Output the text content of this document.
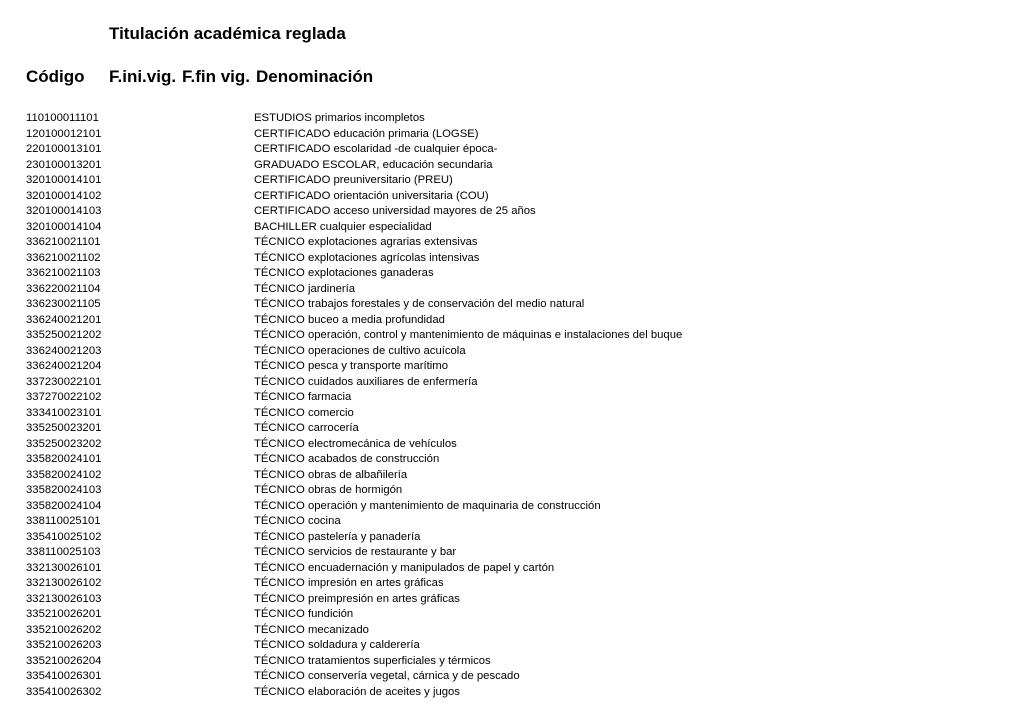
Titulación académica reglada
Código F.ini.vig. F.fin vig. Denominación
110100011101	ESTUDIOS primarios incompletos
120100012101	CERTIFICADO educación primaria (LOGSE)
220100013101	CERTIFICADO escolaridad -de cualquier época-
230100013201	GRADUADO ESCOLAR, educación secundaria
320100014101	CERTIFICADO preuniversitario (PREU)
320100014102	CERTIFICADO orientación universitaria (COU)
320100014103	CERTIFICADO acceso universidad mayores de 25 años
320100014104	BACHILLER cualquier especialidad
336210021101	TÉCNICO explotaciones agrarias extensivas
336210021102	TÉCNICO explotaciones agrícolas intensivas
336210021103	TÉCNICO explotaciones ganaderas
336220021104	TÉCNICO jardinería
336230021105	TÉCNICO trabajos forestales y de conservación del medio natural
336240021201	TÉCNICO buceo a media profundidad
335250021202	TÉCNICO operación, control y mantenimiento de máquinas e instalaciones del buque
336240021203	TÉCNICO operaciones de cultivo acuícola
336240021204	TÉCNICO pesca y transporte marítimo
337230022101	TÉCNICO cuidados auxiliares de enfermería
337270022102	TÉCNICO farmacia
333410023101	TÉCNICO comercio
335250023201	TÉCNICO carrocería
335250023202	TÉCNICO electromecánica de vehículos
335820024101	TÉCNICO acabados de construcción
335820024102	TÉCNICO obras de albañilería
335820024103	TÉCNICO obras de hormigón
335820024104	TÉCNICO operación y mantenimiento de maquinaria de construcción
338110025101	TÉCNICO cocina
335410025102	TÉCNICO pastelería y panadería
338110025103	TÉCNICO servicios de restaurante y bar
332130026101	TÉCNICO encuadernación y manipulados de papel y cartón
332130026102	TÉCNICO impresión en artes gráficas
332130026103	TÉCNICO preimpresión en artes gráficas
335210026201	TÉCNICO fundición
335210026202	TÉCNICO mecanizado
335210026203	TÉCNICO soldadura y calderería
335210026204	TÉCNICO tratamientos superficiales y térmicos
335410026301	TÉCNICO conservería vegetal, cárnica y de pescado
335410026302	TÉCNICO elaboración de aceites y jugos
